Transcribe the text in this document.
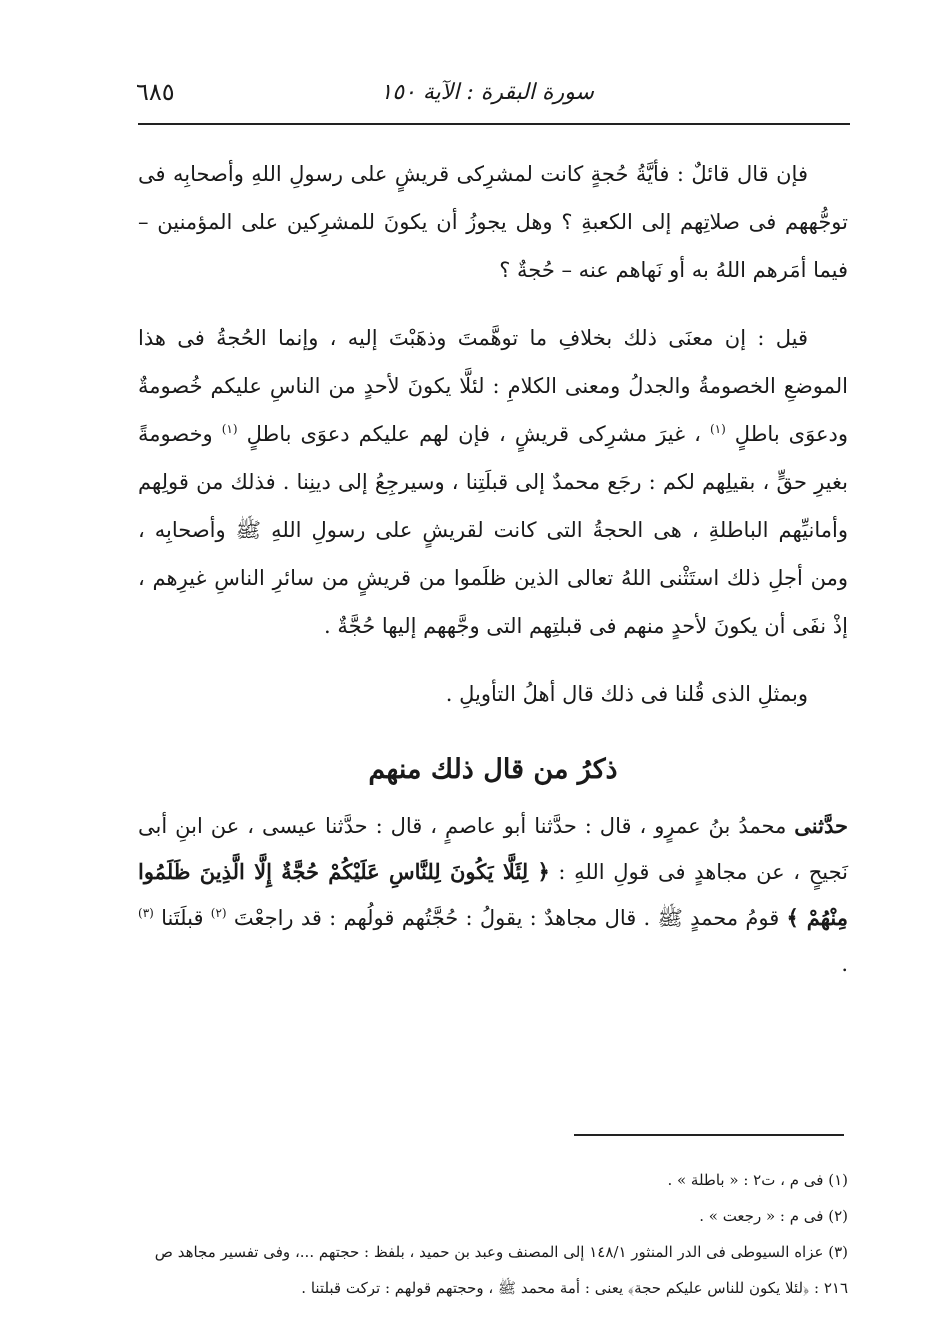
سورة البقرة : الآية ١٥٠
٦٨٥

فإن قال قائلٌ : فأيَّةُ حُجةٍ كانت لمشرِكى قريشٍ على رسولِ اللهِ وأصحابِه فى توجُّههم فى صلاتِهم إلى الكعبةِ ؟ وهل يجوزُ أن يكونَ للمشرِكين على المؤمنين – فيما أمَرهم اللهُ به أو نَهاهم عنه – حُجةٌ ؟

قيل : إن معنَى ذلك بخلافِ ما توهَّمتَ وذهَبْتَ إليه ، وإنما الحُجةُ فى هذا الموضعِ الخصومةُ والجدلُ ومعنى الكلامِ : لئلَّا يكونَ لأحدٍ من الناسِ عليكم خُصومةٌ ودعوَى باطلٍ $^{(١)}$ ، غيرَ مشرِكى قريشٍ ، فإن لهم عليكم دعوَى باطلٍ $^{(١)}$ وخصومةً بغيرِ حقٍّ ، بقيلِهم لكم : رجَع محمدٌ إلى قبلَتِنا ، وسيرجِعُ إلى دينِنا . فذلك من قولِهم وأمانيِّهم الباطلةِ ، هى الحجةُ التى كانت لقريشٍ على رسولِ اللهِ ﷺ وأصحابِه ، ومن أجلِ ذلك استَثْنى اللهُ تعالى الذين ظلَموا من قريشٍ من سائرِ الناسِ غيرِهم ، إذْ نفَى أن يكونَ لأحدٍ منهم فى قبلتِهم التى وجَّههم إليها حُجَّةٌ .

وبمثلِ الذى قُلنا فى ذلك قال أهلُ التأويلِ .

ذكرُ من قال ذلك منهم

حدَّثنى محمدُ بنُ عمرٍو ، قال : حدَّثنا أبو عاصمٍ ، قال : حدَّثنا عيسى ، عن ابنِ أبى نَجيحٍ ، عن مجاهدٍ فى قولِ اللهِ : ﴿ لِئَلَّا يَكُونَ لِلنَّاسِ عَلَيْكُمْ حُجَّةٌ إِلَّا الَّذِينَ ظَلَمُوا مِنْهُمْ ﴾ قومُ محمدٍ ﷺ . قال مجاهدٌ : يقولُ : حُجَّتُهم قولُهم : قد راجعْتَ $^{(٢)}$ قبلَتَنا $^{(٣)}$ .

(١) فى م ، ت٢ : « باطلة » .

(٢) فى م : « رجعت » .

(٣) عزاه السيوطى فى الدر المنثور ١٤٨/١ إلى المصنف وعبد بن حميد ، بلفظ : حجتهم ...، وفى تفسير مجاهد ص ٢١٦ : ﴿لئلا يكون للناس عليكم حجة﴾ يعنى : أمة محمد ﷺ ، وحجتهم قولهم : تركت قبلتنا .
